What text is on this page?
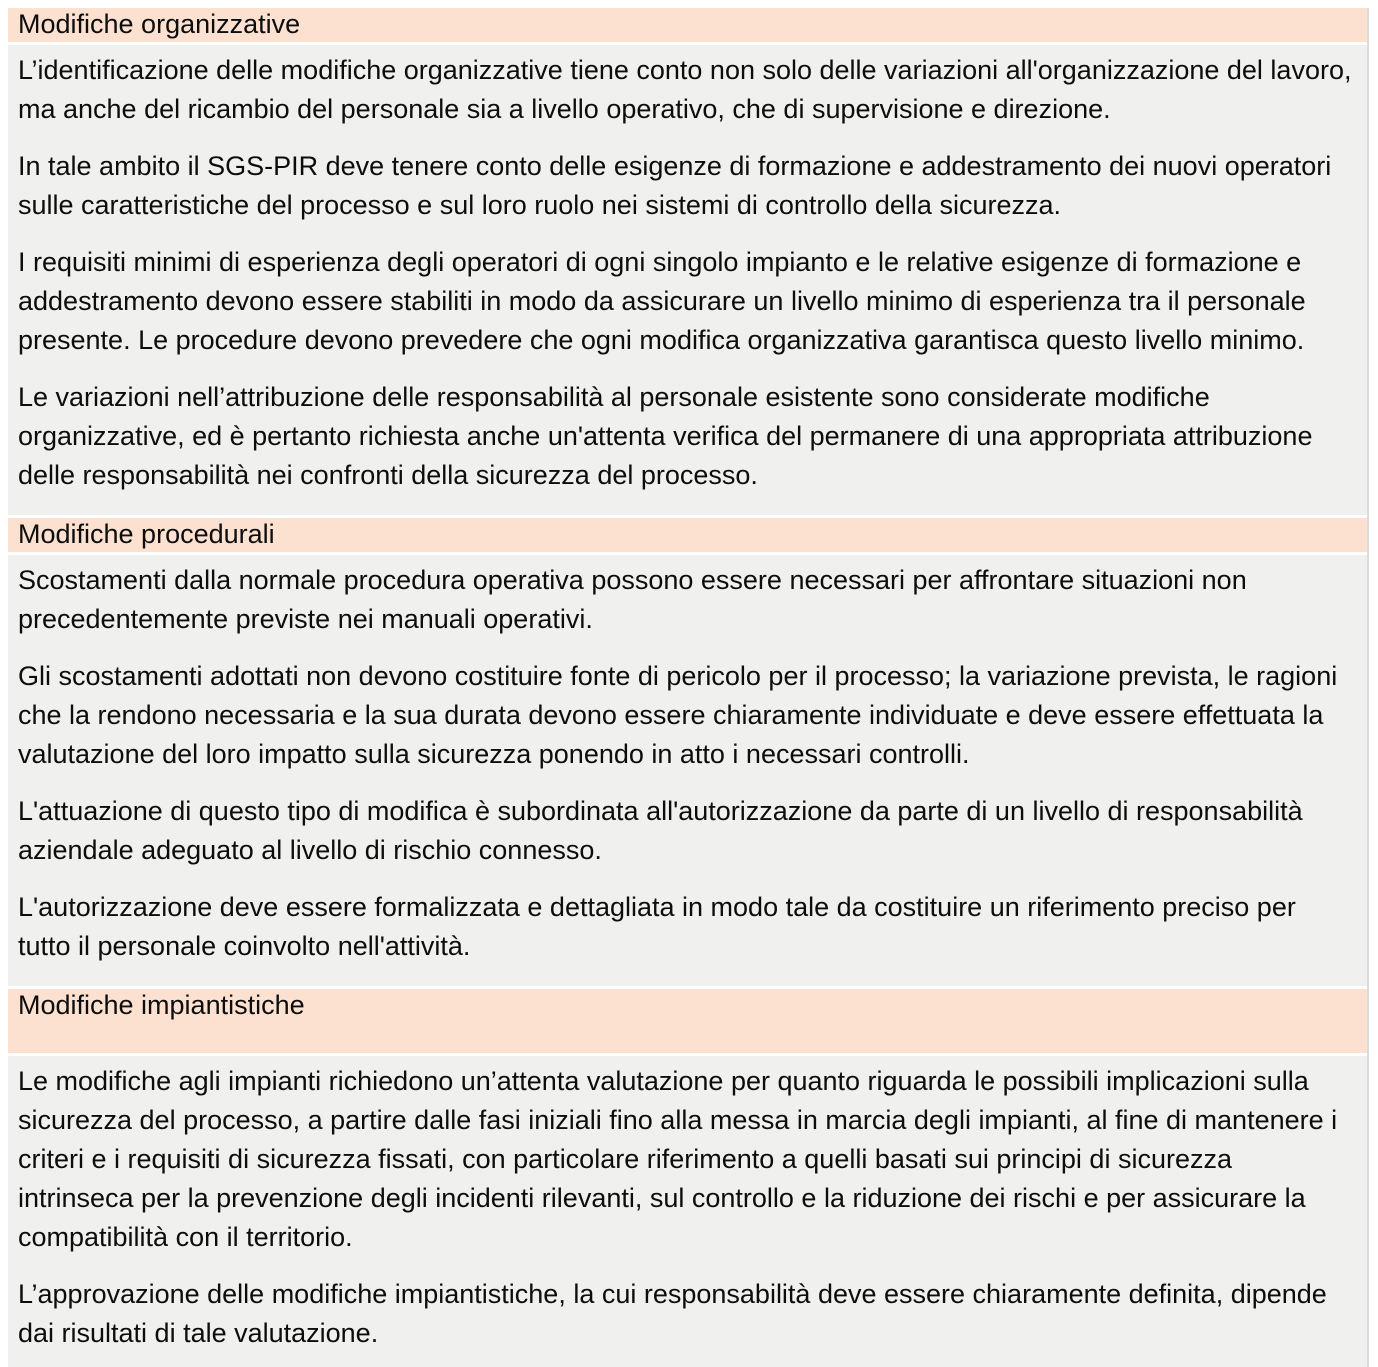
Modifiche organizzative

L’identificazione delle modifiche organizzative tiene conto non solo delle variazioni all'organizzazione del lavoro, ma anche del ricambio del personale sia a livello operativo, che di supervisione e direzione.

In tale ambito il SGS-PIR deve tenere conto delle esigenze di formazione e addestramento dei nuovi operatori sulle caratteristiche del processo e sul loro ruolo nei sistemi di controllo della sicurezza.

I requisiti minimi di esperienza degli operatori di ogni singolo impianto e le relative esigenze di formazione e addestramento devono essere stabiliti in modo da assicurare un livello minimo di esperienza tra il personale presente. Le procedure devono prevedere che ogni modifica organizzativa garantisca questo livello minimo.

Le variazioni nell’attribuzione delle responsabilità al personale esistente sono considerate modifiche organizzative, ed è pertanto richiesta anche un'attenta verifica del permanere di una appropriata attribuzione delle responsabilità nei confronti della sicurezza del processo.

Modifiche procedurali

Scostamenti dalla normale procedura operativa possono essere necessari per affrontare situazioni non precedentemente previste nei manuali operativi.

Gli scostamenti adottati non devono costituire fonte di pericolo per il processo; la variazione prevista, le ragioni che la rendono necessaria e la sua durata devono essere chiaramente individuate e deve essere effettuata la valutazione del loro impatto sulla sicurezza ponendo in atto i necessari controlli.

L'attuazione di questo tipo di modifica è subordinata all'autorizzazione da parte di un livello di responsabilità aziendale adeguato al livello di rischio connesso.

L'autorizzazione deve essere formalizzata e dettagliata in modo tale da costituire un riferimento preciso per tutto il personale coinvolto nell'attività.

Modifiche impiantistiche

Le modifiche agli impianti richiedono un’attenta valutazione per quanto riguarda le possibili implicazioni sulla sicurezza del processo, a partire dalle fasi iniziali fino alla messa in marcia degli impianti, al fine di mantenere i criteri e i requisiti di sicurezza fissati, con particolare riferimento a quelli basati sui principi di sicurezza intrinseca per la prevenzione degli incidenti rilevanti, sul controllo e la riduzione dei rischi e per assicurare la compatibilità con il territorio.

L’approvazione delle modifiche impiantistiche, la cui responsabilità deve essere chiaramente definita, dipende dai risultati di tale valutazione.
